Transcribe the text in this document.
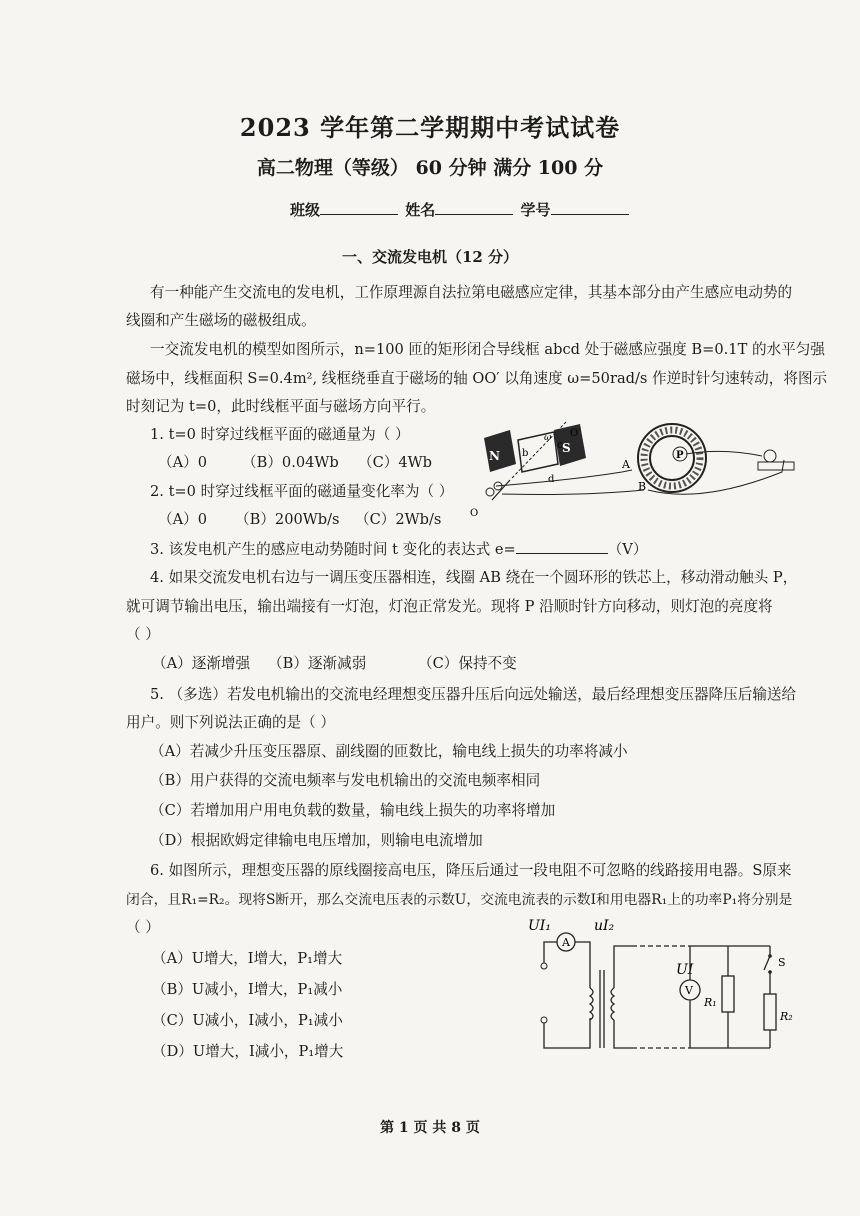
2023 学年第二学期期中考试试卷
高二物理（等级） 60 分钟 满分 100 分
班级	姓名	学号
一、交流发电机（12 分）
有一种能产生交流电的发电机，工作原理源自法拉第电磁感应定律，其基本部分由产生感应电动势的
线圈和产生磁场的磁极组成。
一交流发电机的模型如图所示，n=100 匝的矩形闭合导线框 abcd 处于磁感应强度 B=0.1T 的水平匀强
磁场中，线框面积 S=0.4m², 线框绕垂直于磁场的轴 OO′ 以角速度 ω=50rad/s 作逆时针匀速转动，将图示
时刻记为 t=0，此时线框平面与磁场方向平行。
1. t=0 时穿过线框平面的磁通量为（ ）
（A）0 （B）0.04Wb （C）4Wb
2. t=0 时穿过线框平面的磁通量变化率为（ ）
（A）0 （B）200Wb/s （C）2Wb/s
3. 该发电机产生的感应电动势随时间 t 变化的表达式 e=	（V）
4. 如果交流发电机右边与一调压变压器相连，线圈 AB 绕在一个圆环形的铁芯上，移动滑动触头 P，
就可调节输出电压，输出端接有一灯泡，灯泡正常发光。现将 P 沿顺时针方向移动，则灯泡的亮度将
（ ）
（A）逐渐增强 （B）逐渐减弱	（C）保持不变
5. （多选）若发电机输出的交流电经理想变压器升压后向远处输送，最后经理想变压器降压后输送给
用户。则下列说法正确的是（ ）
（A）若减少升压变压器原、副线圈的匝数比，输电线上损失的功率将减小
（B）用户获得的交流电频率与发电机输出的交流电频率相同
（C）若增加用户用电负载的数量，输电线上损失的功率将增加
（D）根据欧姆定律输电电压增加，则输电电流增加
6. 如图所示，理想变压器的原线圈接高电压，降压后通过一段电阻不可忽略的线路接用电器。S原来
闭合，且R₁=R₂。现将S断开，那么交流电压表的示数U，交流电流表的示数I和用电器R₁上的功率P₁将分别是
（ ）
（A）U增大，I增大，P₁增大
（B）U减小，I增大，P₁减小
（C）U减小，I减小，P₁减小
（D）U增大，I减小，P₁增大
N
S
O′
O
ω
b
c
d
P
A
B
UI₁	uI₂
A
UI
V
R₁
S
R₂
第 1 页 共 8 页
